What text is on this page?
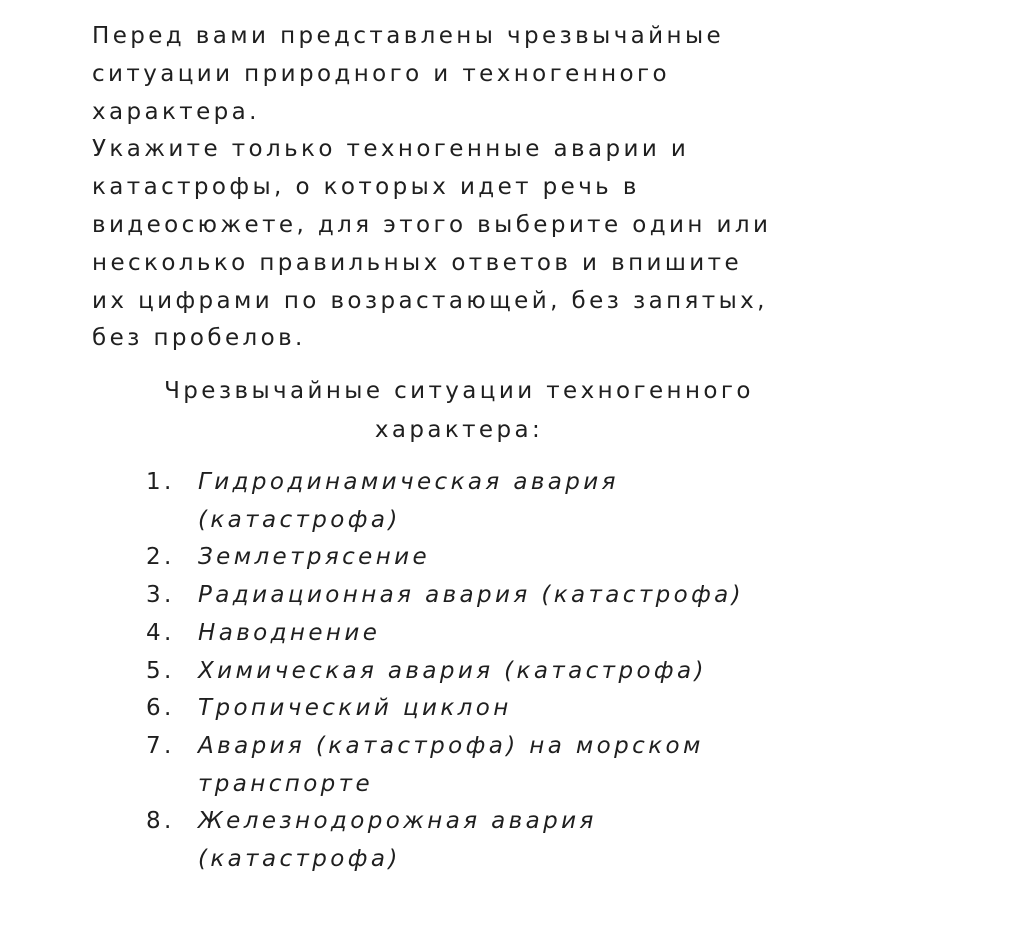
Перед вами представлены чрезвычайные
ситуации природного и техногенного
характера.
Укажите только техногенные аварии и
катастрофы, о которых идет речь в
видеосюжете, для этого выберите один или
несколько правильных ответов и впишите
их цифрами по возрастающей, без запятых,
без пробелов.

Чрезвычайные ситуации техногенного
характера:
1.	Гидродинамическая авария
(катастрофа)
2.	Землетрясение
3.	Радиационная авария (катастрофа)
4.	Наводнение
5.	Химическая авария (катастрофа)
6.	Тропический циклон
7.	Авария (катастрофа) на морском
транспорте
8.	Железнодорожная авария
(катастрофа)
